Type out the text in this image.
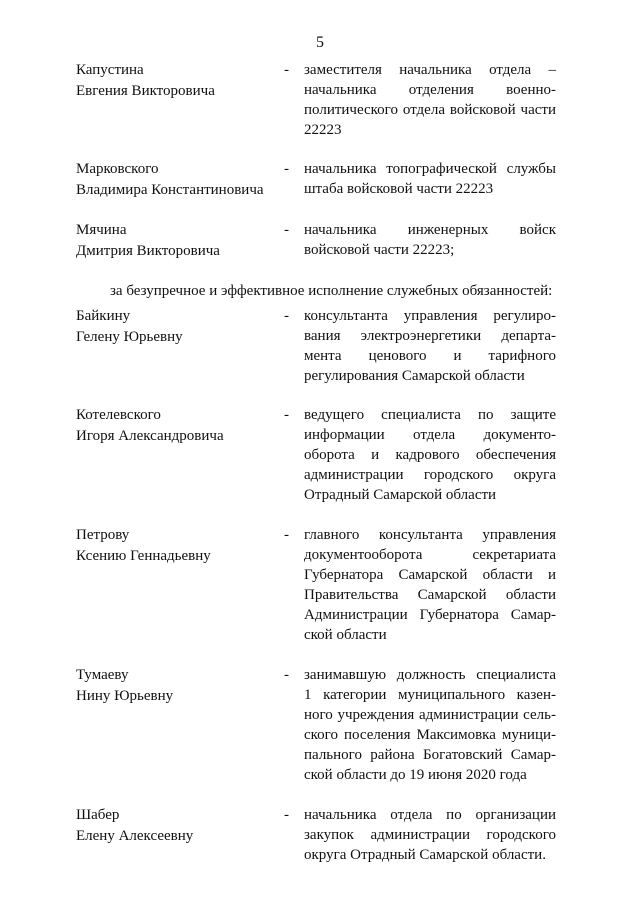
5
Капустина
Евгения Викторовича
- заместителя начальника отдела –
начальника отделения военно-
политического отдела войсковой части
22223
Марковского
Владимира Константиновича
- начальника топографической службы
штаба войсковой части 22223
Мячина
Дмитрия Викторовича
- начальника инженерных войск
войсковой части 22223;
за безупречное и эффективное исполнение служебных обязанностей:
Байкину
Гелену Юрьевну
- консультанта управления регулиро-
вания электроэнергетики департа-
мента ценового и тарифного
регулирования Самарской области
Котелевского
Игоря Александровича
- ведущего специалиста по защите
информации отдела документо-
оборота и кадрового обеспечения
администрации городского округа
Отрадный Самарской области
Петрову
Ксению Геннадьевну
- главного консультанта управления
документооборота секретариата
Губернатора Самарской области и
Правительства Самарской области
Администрации Губернатора Самар-
ской области
Тумаеву
Нину Юрьевну
- занимавшую должность специалиста
1 категории муниципального казен-
ного учреждения администрации сель-
ского поселения Максимовка муници-
пального района Богатовский Самар-
ской области до 19 июня 2020 года
Шабер
Елену Алексеевну
- начальника отдела по организации
закупок администрации городского
округа Отрадный Самарской области.
